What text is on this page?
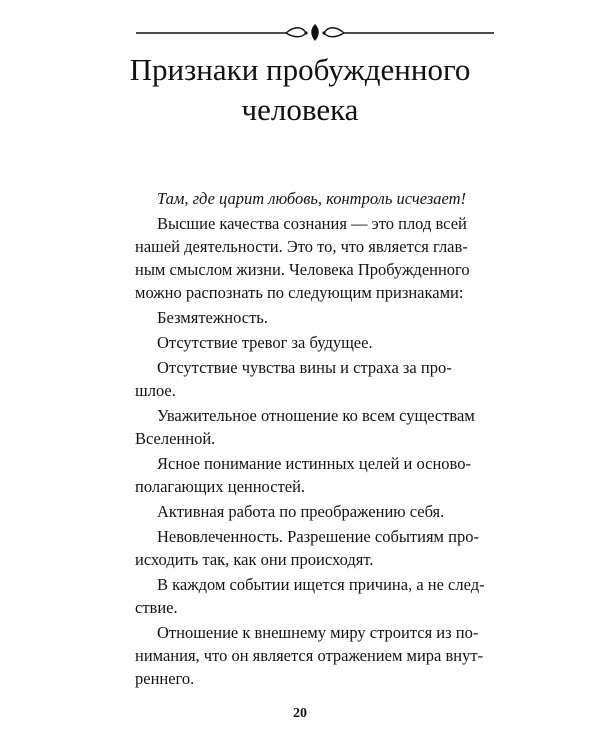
Признаки пробужденного
человека

Там, где царит любовь, контроль исчезает!

Высшие качества сознания — это плод всей
нашей деятельности. Это то, что является глав-
ным смыслом жизни. Человека Пробужденного
можно распознать по следующим признаками:

Безмятежность.

Отсутствие тревог за будущее.

Отсутствие чувства вины и страха за про-
шлое.

Уважительное отношение ко всем существам
Вселенной.

Ясное понимание истинных целей и осново-
полагающих ценностей.

Активная работа по преображению себя.

Невовлеченность. Разрешение событиям про-
исходить так, как они происходят.

В каждом событии ищется причина, а не след-
ствие.

Отношение к внешнему миру строится из по-
нимания, что он является отражением мира внут-
реннего.

20
